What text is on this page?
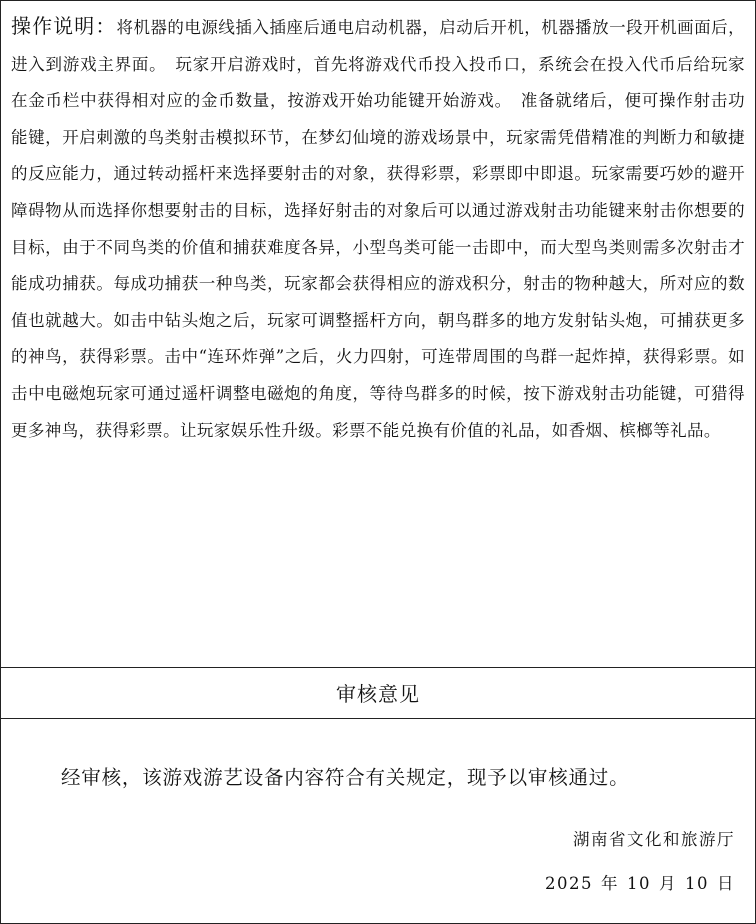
操作说明：将机器的电源线插入插座后通电启动机器，启动后开机，机器播放一段开机画面后，进入到游戏主界面。　玩家开启游戏时，首先将游戏代币投入投币口，系统会在投入代币后给玩家在金币栏中获得相对应的金币数量，按游戏开始功能键开始游戏。　准备就绪后，便可操作射击功能键，开启刺激的鸟类射击模拟环节，在梦幻仙境的游戏场景中，玩家需凭借精准的判断力和敏捷的反应能力，通过转动摇杆来选择要射击的对象，获得彩票，彩票即中即退。玩家需要巧妙的避开障碍物从而选择你想要射击的目标，选择好射击的对象后可以通过游戏射击功能键来射击你想要的目标，由于不同鸟类的价值和捕获难度各异，小型鸟类可能一击即中，而大型鸟类则需多次射击才能成功捕获。每成功捕获一种鸟类，玩家都会获得相应的游戏积分，射击的物种越大，所对应的数值也就越大。如击中钻头炮之后，玩家可调整摇杆方向，朝鸟群多的地方发射钻头炮，可捕获更多的神鸟，获得彩票。击中“连环炸弹”之后，火力四射，可连带周围的鸟群一起炸掉，获得彩票。如击中电磁炮玩家可通过遥杆调整电磁炮的角度，等待鸟群多的时候，按下游戏射击功能键，可猎得更多神鸟，获得彩票。让玩家娱乐性升级。彩票不能兑换有价值的礼品，如香烟、槟榔等礼品。
审核意见
经审核，该游戏游艺设备内容符合有关规定，现予以审核通过。
湖南省文化和旅游厅
2025 年 10 月 10 日
